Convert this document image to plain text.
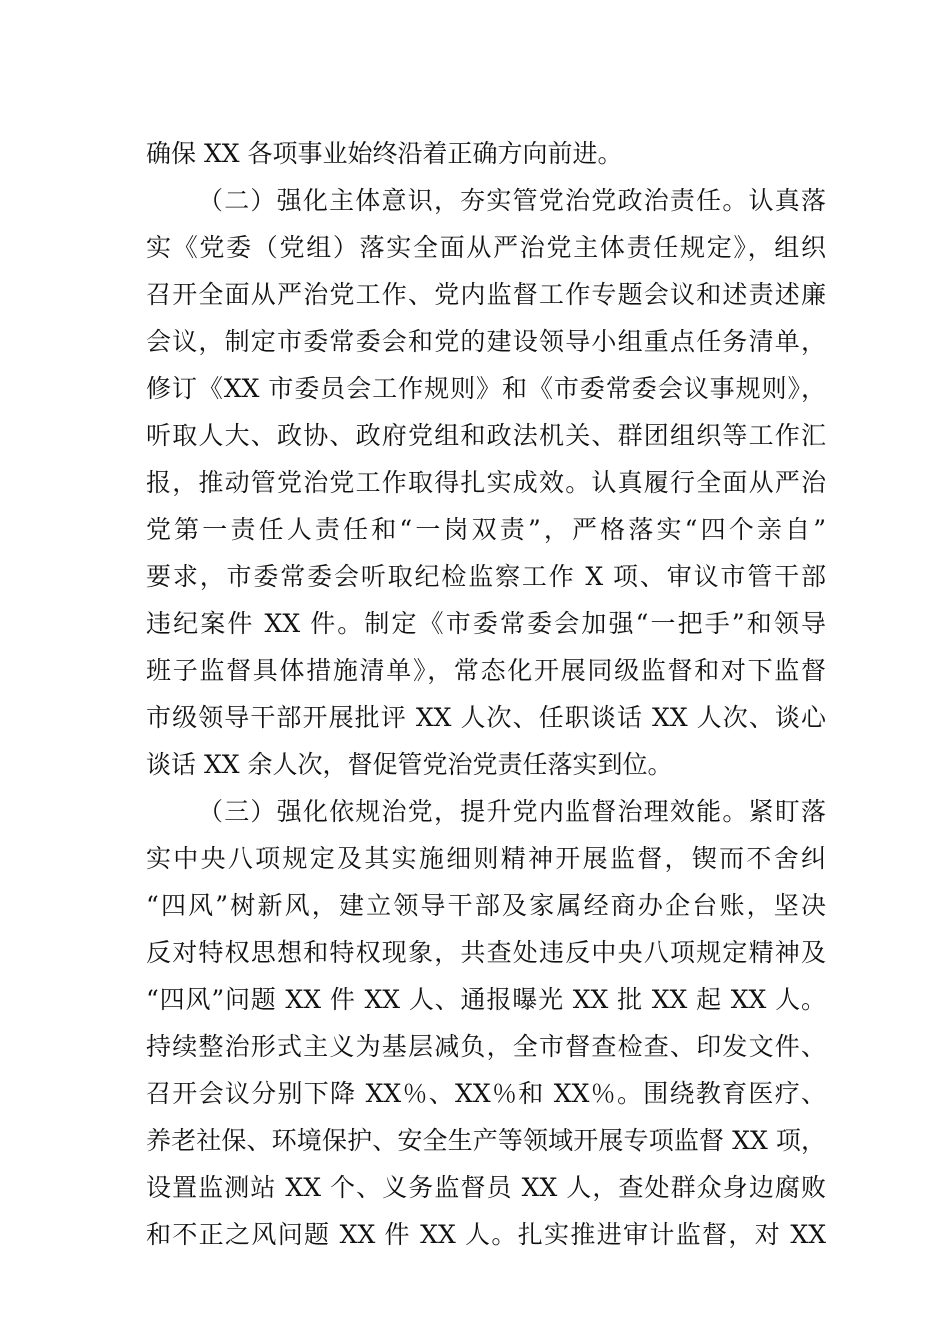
确保 XX 各项事业始终沿着正确方向前进。
（二）强化主体意识，夯实管党治党政治责任。认真落
实《党委（党组）落实全面从严治党主体责任规定》，组织
召开全面从严治党工作、党内监督工作专题会议和述责述廉
会议，制定市委常委会和党的建设领导小组重点任务清单，
修订《XX 市委员会工作规则》和《市委常委会议事规则》，
听取人大、政协、政府党组和政法机关、群团组织等工作汇
报，推动管党治党工作取得扎实成效。认真履行全面从严治
党第一责任人责任和“一岗双责”，严格落实“四个亲自”
要求，市委常委会听取纪检监察工作 X 项、审议市管干部
违纪案件 XX 件。制定《市委常委会加强“一把手”和领导
班子监督具体措施清单》，常态化开展同级监督和对下监督
市级领导干部开展批评 XX 人次、任职谈话 XX 人次、谈心
谈话 XX 余人次，督促管党治党责任落实到位。
（三）强化依规治党，提升党内监督治理效能。紧盯落
实中央八项规定及其实施细则精神开展监督，锲而不舍纠
“四风”树新风，建立领导干部及家属经商办企台账，坚决
反对特权思想和特权现象，共查处违反中央八项规定精神及
“四风”问题 XX 件 XX 人、通报曝光 XX 批 XX 起 XX 人。
持续整治形式主义为基层减负，全市督查检查、印发文件、
召开会议分别下降 XX％、XX％和 XX％。围绕教育医疗、
养老社保、环境保护、安全生产等领域开展专项监督 XX 项，
设置监测站 XX 个、义务监督员 XX 人，查处群众身边腐败
和不正之风问题 XX 件 XX 人。扎实推进审计监督，对 XX
